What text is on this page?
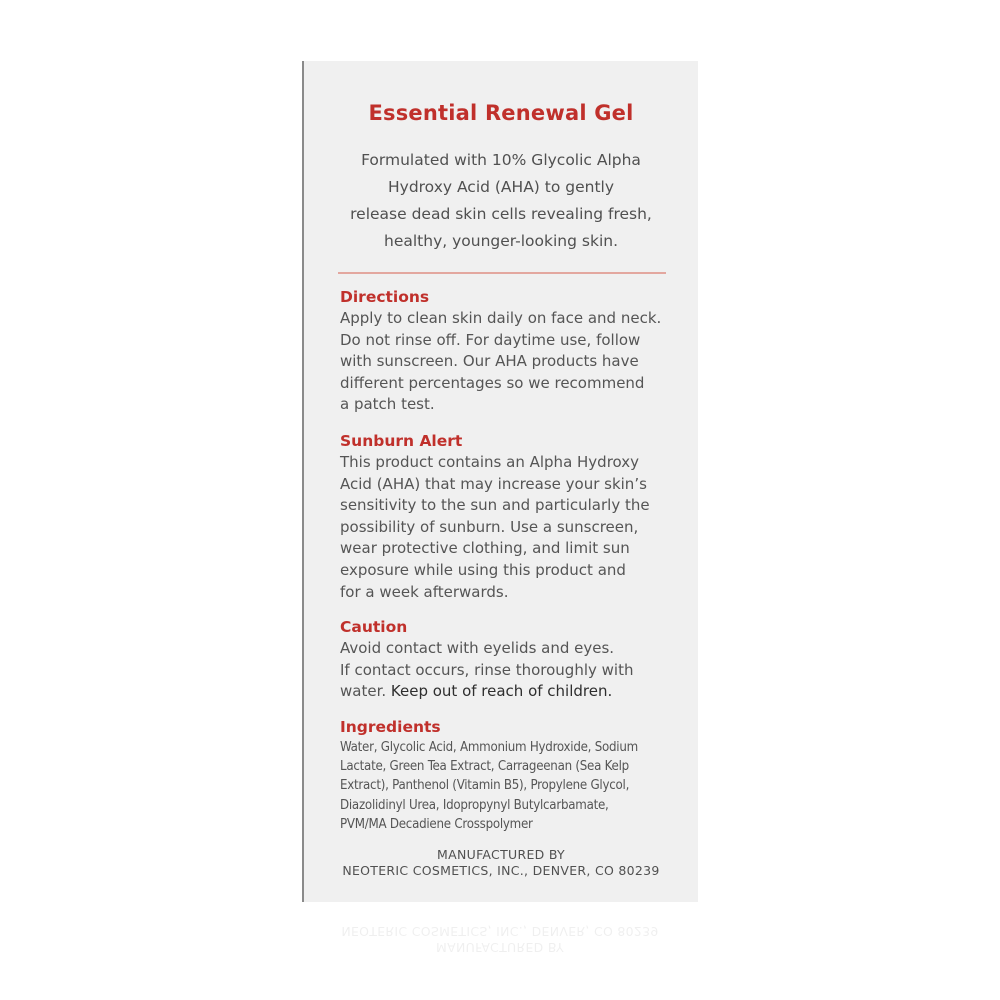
Essential Renewal Gel
Formulated with 10% Glycolic Alpha
Hydroxy Acid (AHA) to gently
release dead skin cells revealing fresh,
healthy, younger-looking skin.
Directions
Apply to clean skin daily on face and neck.
Do not rinse off. For daytime use, follow
with sunscreen. Our AHA products have
different percentages so we recommend
a patch test.
Sunburn Alert
This product contains an Alpha Hydroxy
Acid (AHA) that may increase your skin’s
sensitivity to the sun and particularly the
possibility of sunburn. Use a sunscreen,
wear protective clothing, and limit sun
exposure while using this product and
for a week afterwards.
Caution
Avoid contact with eyelids and eyes.
If contact occurs, rinse thoroughly with
water. Keep out of reach of children.
Ingredients
Water, Glycolic Acid, Ammonium Hydroxide, Sodium
Lactate, Green Tea Extract, Carrageenan (Sea Kelp
Extract), Panthenol (Vitamin B5), Propylene Glycol,
Diazolidinyl Urea, Idopropynyl Butylcarbamate,
PVM/MA Decadiene Crosspolymer
MANUFACTURED BY
NEOTERIC COSMETICS, INC., DENVER, CO 80239
MANUFACTURED BY
NEOTERIC COSMETICS, INC., DENVER, CO 80239
